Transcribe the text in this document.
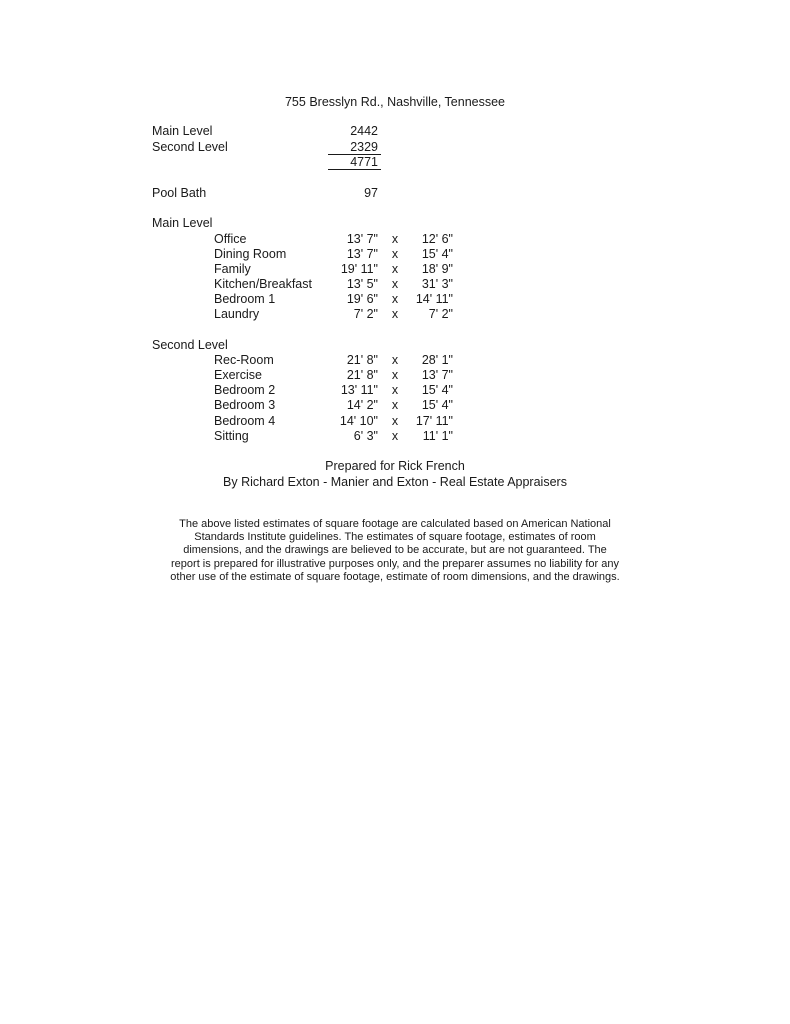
755 Bresslyn Rd., Nashville, Tennessee
Main Level	2442
Second Level	2329
4771
Pool Bath	97
Main Level
Office	13' 7"	x	12' 6"
Dining Room	13' 7"	x	15' 4"
Family	19' 11"	x	18' 9"
Kitchen/Breakfast	13' 5"	x	31' 3"
Bedroom 1	19' 6"	x	14' 11"
Laundry	7' 2"	x	7' 2"
Second Level
Rec-Room	21' 8"	x	28' 1"
Exercise	21' 8"	x	13' 7"
Bedroom 2	13' 11"	x	15' 4"
Bedroom 3	14' 2"	x	15' 4"
Bedroom 4	14' 10"	x	17' 11"
Sitting	6' 3"	x	11' 1"
Prepared for Rick French
By Richard Exton - Manier and Exton - Real Estate Appraisers
The above listed estimates of square footage are calculated based on American National
Standards Institute guidelines. The estimates of square footage, estimates of room
dimensions, and the drawings are believed to be accurate, but are not guaranteed. The
report is prepared for illustrative purposes only, and the preparer assumes no liability for any
other use of the estimate of square footage, estimate of room dimensions, and the drawings.
